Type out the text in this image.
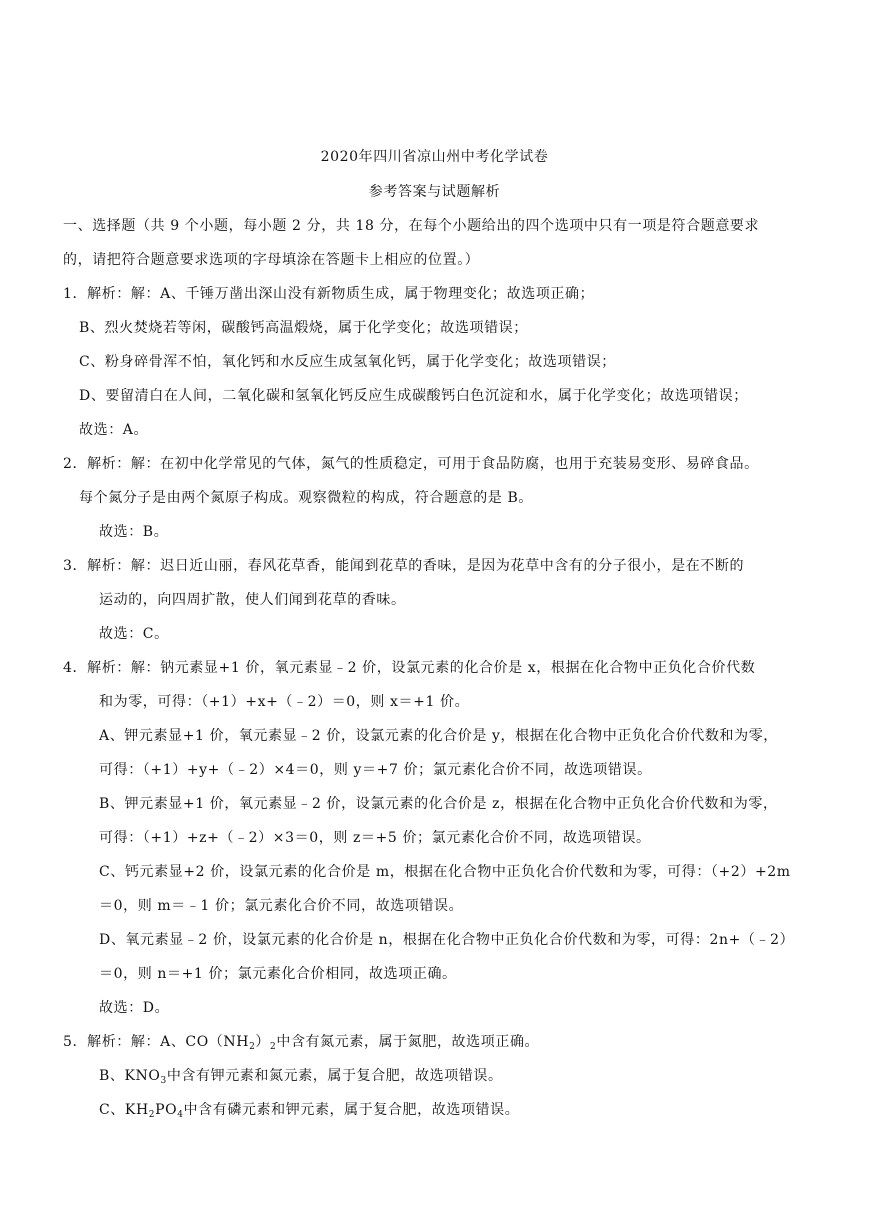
2020年四川省凉山州中考化学试卷
参考答案与试题解析
一、选择题（共 9 个小题，每小题 2 分，共 18 分，在每个小题给出的四个选项中只有一项是符合题意要求
的，请把符合题意要求选项的字母填涂在答题卡上相应的位置。）
1．解析：解：A、千锤万凿出深山没有新物质生成，属于物理变化；故选项正确；
B、烈火焚烧若等闲，碳酸钙高温煅烧，属于化学变化；故选项错误；
C、粉身碎骨浑不怕，氧化钙和水反应生成氢氧化钙，属于化学变化；故选项错误；
D、要留清白在人间，二氧化碳和氢氧化钙反应生成碳酸钙白色沉淀和水，属于化学变化；故选项错误；
故选：A。
2．解析：解：在初中化学常见的气体，氮气的性质稳定，可用于食品防腐，也用于充装易变形、易碎食品。
每个氮分子是由两个氮原子构成。观察微粒的构成，符合题意的是 B。
故选：B。
3．解析：解：迟日近山丽，春风花草香，能闻到花草的香味，是因为花草中含有的分子很小，是在不断的
运动的，向四周扩散，使人们闻到花草的香味。
故选：C。
4．解析：解：钠元素显+1 价，氧元素显﹣2 价，设氯元素的化合价是 x，根据在化合物中正负化合价代数
和为零，可得：（+1）+x+（﹣2）＝0，则 x＝+1 价。
A、钾元素显+1 价，氧元素显﹣2 价，设氯元素的化合价是 y，根据在化合物中正负化合价代数和为零，
可得：（+1）+y+（﹣2）×4＝0，则 y＝+7 价；氯元素化合价不同，故选项错误。
B、钾元素显+1 价，氧元素显﹣2 价，设氯元素的化合价是 z，根据在化合物中正负化合价代数和为零，
可得：（+1）+z+（﹣2）×3＝0，则 z＝+5 价；氯元素化合价不同，故选项错误。
C、钙元素显+2 价，设氯元素的化合价是 m，根据在化合物中正负化合价代数和为零，可得：（+2）+2m
＝0，则 m＝﹣1 价；氯元素化合价不同，故选项错误。
D、氧元素显﹣2 价，设氯元素的化合价是 n，根据在化合物中正负化合价代数和为零，可得：2n+（﹣2）
＝0，则 n＝+1 价；氯元素化合价相同，故选项正确。
故选：D。
5．解析：解：A、$CO(NH_2)_2$中含有氮元素，属于氮肥，故选项正确。
B、$KNO_3$中含有钾元素和氮元素，属于复合肥，故选项错误。
C、$KH_2PO_4$中含有磷元素和钾元素，属于复合肥，故选项错误。
